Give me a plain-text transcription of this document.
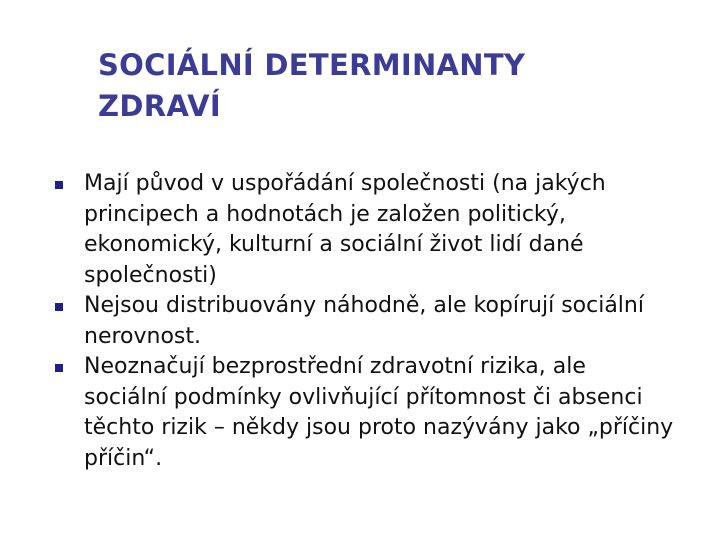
SOCIÁLNÍ DETERMINANTY ZDRAVÍ
Mají původ v uspořádání společnosti (na jakých principech a hodnotách je založen politický, ekonomický, kulturní a sociální život lidí dané společnosti)
Nejsou distribuovány náhodně, ale kopírují sociální nerovnost.
Neoznačují bezprostřední zdravotní rizika, ale sociální podmínky ovlivňující přítomnost či absenci těchto rizik – někdy jsou proto nazývány jako „příčiny příčin“.
